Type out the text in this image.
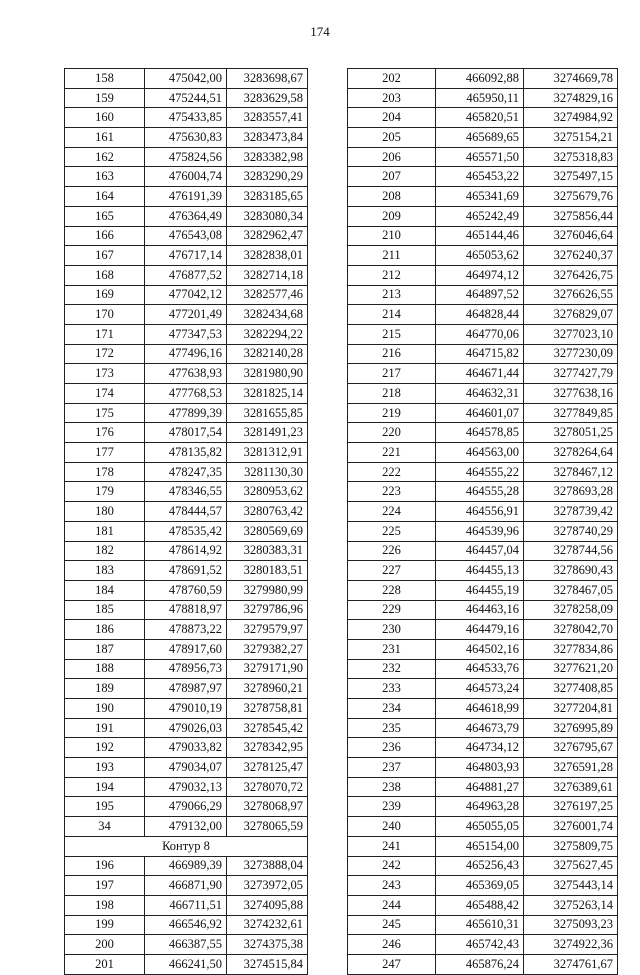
174
158	475042,00	3283698,67
159	475244,51	3283629,58
160	475433,85	3283557,41
161	475630,83	3283473,84
162	475824,56	3283382,98
163	476004,74	3283290,29
164	476191,39	3283185,65
165	476364,49	3283080,34
166	476543,08	3282962,47
167	476717,14	3282838,01
168	476877,52	3282714,18
169	477042,12	3282577,46
170	477201,49	3282434,68
171	477347,53	3282294,22
172	477496,16	3282140,28
173	477638,93	3281980,90
174	477768,53	3281825,14
175	477899,39	3281655,85
176	478017,54	3281491,23
177	478135,82	3281312,91
178	478247,35	3281130,30
179	478346,55	3280953,62
180	478444,57	3280763,42
181	478535,42	3280569,69
182	478614,92	3280383,31
183	478691,52	3280183,51
184	478760,59	3279980,99
185	478818,97	3279786,96
186	478873,22	3279579,97
187	478917,60	3279382,27
188	478956,73	3279171,90
189	478987,97	3278960,21
190	479010,19	3278758,81
191	479026,03	3278545,42
192	479033,82	3278342,95
193	479034,07	3278125,47
194	479032,13	3278070,72
195	479066,29	3278068,97
34	479132,00	3278065,59
Контур 8		
196	466989,39	3273888,04
197	466871,90	3273972,05
198	466711,51	3274095,88
199	466546,92	3274232,61
200	466387,55	3274375,38
201	466241,50	3274515,84
202	466092,88	3274669,78
203	465950,11	3274829,16
204	465820,51	3274984,92
205	465689,65	3275154,21
206	465571,50	3275318,83
207	465453,22	3275497,15
208	465341,69	3275679,76
209	465242,49	3275856,44
210	465144,46	3276046,64
211	465053,62	3276240,37
212	464974,12	3276426,75
213	464897,52	3276626,55
214	464828,44	3276829,07
215	464770,06	3277023,10
216	464715,82	3277230,09
217	464671,44	3277427,79
218	464632,31	3277638,16
219	464601,07	3277849,85
220	464578,85	3278051,25
221	464563,00	3278264,64
222	464555,22	3278467,12
223	464555,28	3278693,28
224	464556,91	3278739,42
225	464539,96	3278740,29
226	464457,04	3278744,56
227	464455,13	3278690,43
228	464455,19	3278467,05
229	464463,16	3278258,09
230	464479,16	3278042,70
231	464502,16	3277834,86
232	464533,76	3277621,20
233	464573,24	3277408,85
234	464618,99	3277204,81
235	464673,79	3276995,89
236	464734,12	3276795,67
237	464803,93	3276591,28
238	464881,27	3276389,61
239	464963,28	3276197,25
240	465055,05	3276001,74
241	465154,00	3275809,75
242	465256,43	3275627,45
243	465369,05	3275443,14
244	465488,42	3275263,14
245	465610,31	3275093,23
246	465742,43	3274922,36
247	465876,24	3274761,67
